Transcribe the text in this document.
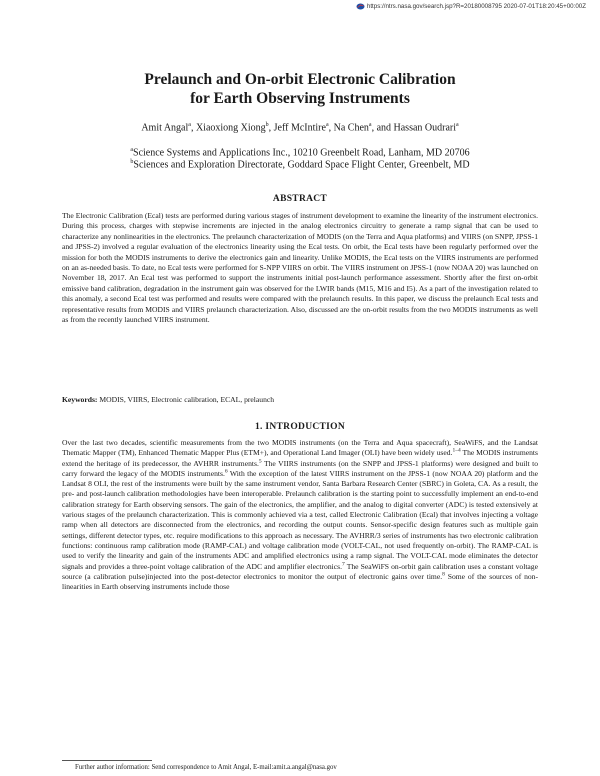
https://ntrs.nasa.gov/search.jsp?R=20180008795 2020-07-01T18:20:45+00:00Z
Prelaunch and On-orbit Electronic Calibration
for Earth Observing Instruments
Amit Angal$^a$, Xiaoxiong Xiong$^b$, Jeff McIntire$^a$, Na Chen$^a$, and Hassan Oudrari$^a$
$^a$Science Systems and Applications Inc., 10210 Greenbelt Road, Lanham, MD 20706
$^b$Sciences and Exploration Directorate, Goddard Space Flight Center, Greenbelt, MD
ABSTRACT
The Electronic Calibration (Ecal) tests are performed during various stages of instrument development to examine the linearity of the instrument electronics. During this process, charges with stepwise increments are injected in the analog electronics circuitry to generate a ramp signal that can be used to characterize any nonlinearities in the electronics. The prelaunch characterization of MODIS (on the Terra and Aqua platforms) and VIIRS (on SNPP, JPSS-1 and JPSS-2) involved a regular evaluation of the electronics linearity using the Ecal tests. On orbit, the Ecal tests have been regularly performed over the mission for both the MODIS instruments to derive the electronics gain and linearity. Unlike MODIS, the Ecal tests on the VIIRS instruments are performed on an as-needed basis. To date, no Ecal tests were performed for S-NPP VIIRS on orbit. The VIIRS instrument on JPSS-1 (now NOAA 20) was launched on November 18, 2017. An Ecal test was performed to support the instruments initial post-launch performance assessment. Shortly after the first on-orbit emissive band calibration, degradation in the instrument gain was observed for the LWIR bands (M15, M16 and I5). As a part of the investigation related to this anomaly, a second Ecal test was performed and results were compared with the prelaunch results. In this paper, we discuss the prelaunch Ecal tests and representative results from MODIS and VIIRS prelaunch characterization. Also, discussed are the on-orbit results from the two MODIS instruments as well as from the recently launched VIIRS instrument.
Keywords: MODIS, VIIRS, Electronic calibration, ECAL, prelaunch
1. INTRODUCTION
Over the last two decades, scientific measurements from the two MODIS instruments (on the Terra and Aqua spacecraft), SeaWiFS, and the Landsat Thematic Mapper (TM), Enhanced Thematic Mapper Plus (ETM+), and Operational Land Imager (OLI) have been widely used.$^{1-4}$ The MODIS instruments extend the heritage of its predecessor, the AVHRR instruments.$^5$ The VIIRS instruments (on the SNPP and JPSS-1 platforms) were designed and built to carry forward the legacy of the MODIS instruments.$^6$ With the exception of the latest VIIRS instrument on the JPSS-1 (now NOAA 20) platform and the Landsat 8 OLI, the rest of the instruments were built by the same instrument vendor, Santa Barbara Research Center (SBRC) in Goleta, CA. As a result, the pre- and post-launch calibration methodologies have been interoperable. Prelaunch calibration is the starting point to successfully implement an end-to-end calibration strategy for Earth observing sensors. The gain of the electronics, the amplifier, and the analog to digital converter (ADC) is tested extensively at various stages of the prelaunch characterization. This is commonly achieved via a test, called Electronic Calibration (Ecal) that involves injecting a voltage ramp when all detectors are disconnected from the electronics, and recording the output counts. Sensor-specific design features such as multiple gain settings, different detector types, etc. require modifications to this approach as necessary. The AVHRR/3 series of instruments has two electronic calibration functions: continuous ramp calibration mode (RAMP-CAL) and voltage calibration mode (VOLT-CAL, not used frequently on-orbit). The RAMP-CAL is used to verify the linearity and gain of the instruments ADC and amplified electronics using a ramp signal. The VOLT-CAL mode eliminates the detector signals and provides a three-point voltage calibration of the ADC and amplifier electronics.$^7$ The SeaWiFS on-orbit gain calibration uses a constant voltage source (a calibration pulse)injected into the post-detector electronics to monitor the output of electronic gains over time.$^8$ Some of the sources of non-linearities in Earth observing instruments include those
Further author information: Send correspondence to Amit Angal, E-mail:amit.a.angal@nasa.gov
